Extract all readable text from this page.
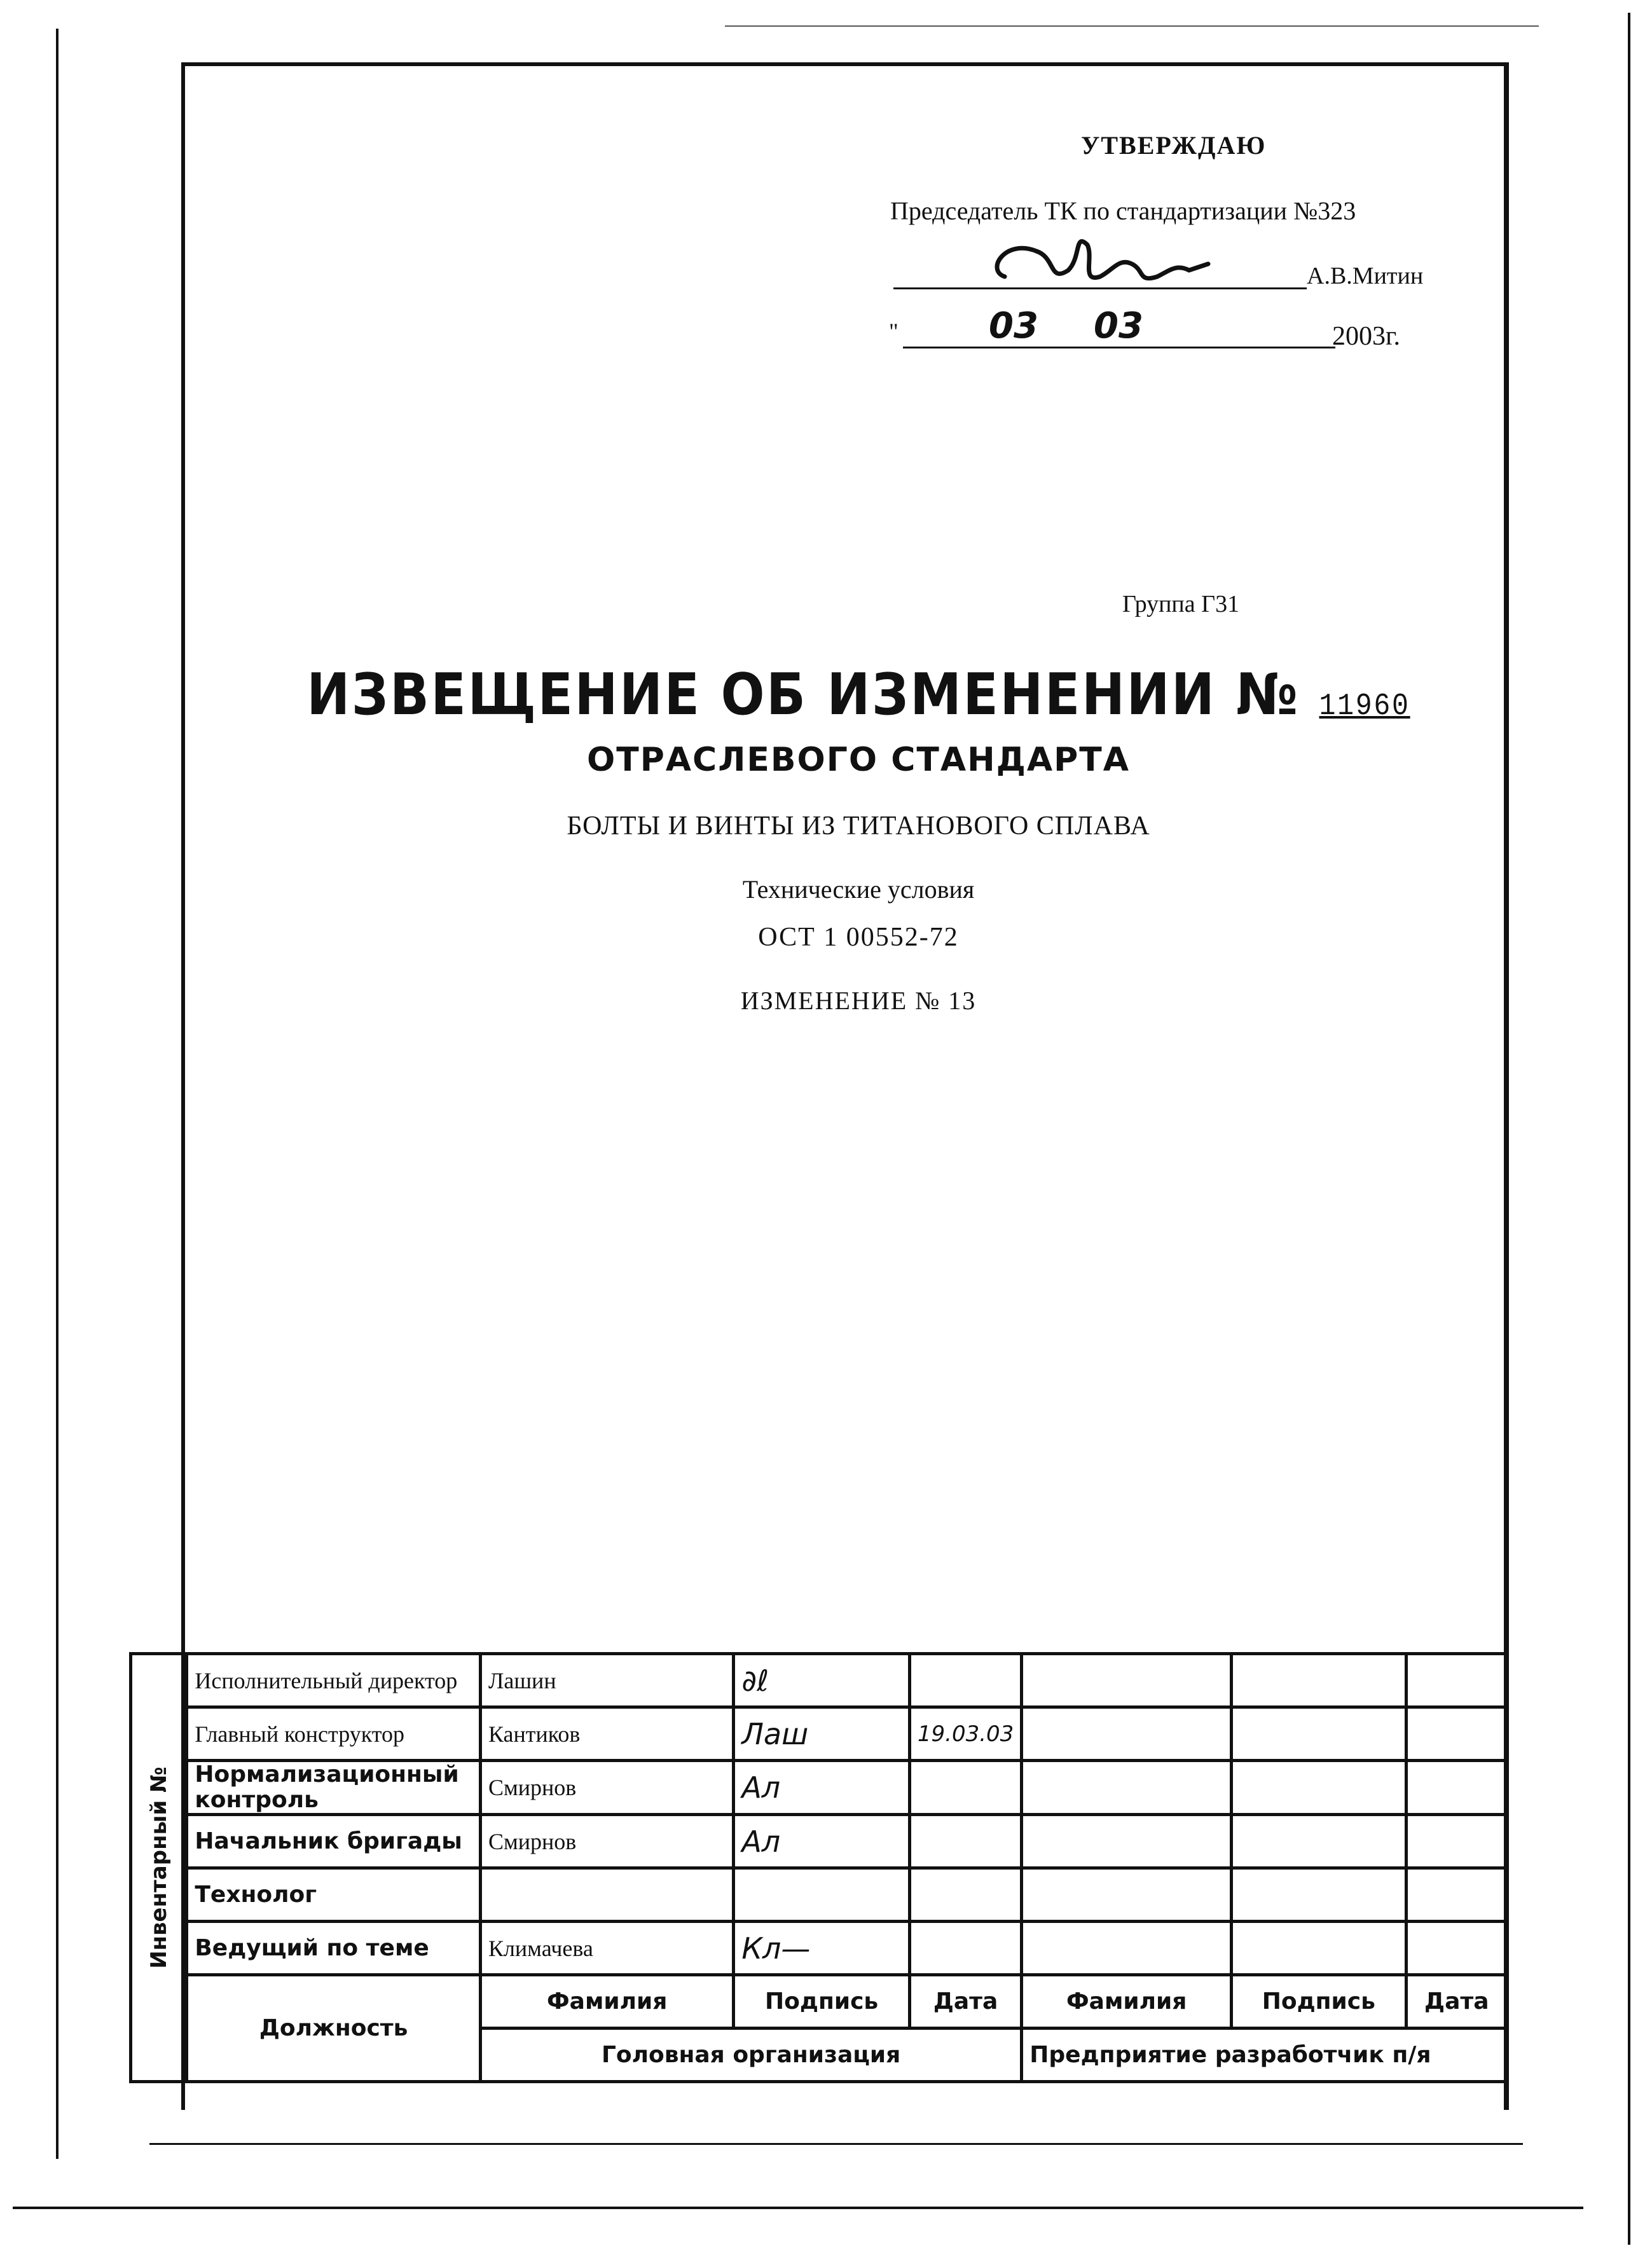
УТВЕРЖДАЮ
Председатель ТК по стандартизации №323
А.В.Митин
"	03 03	2003г.
Группа Г31
ИЗВЕЩЕНИЕ ОБ ИЗМЕНЕНИИ № 11960
ОТРАСЛЕВОГО СТАНДАРТА
БОЛТЫ И ВИНТЫ ИЗ ТИТАНОВОГО СПЛАВА
Технические условия
ОСТ 1 00552-72
ИЗМЕНЕНИЕ № 13
Инвентарный №	Исполнительный директор	Лашин	∂ℓ				
	Главный конструктор	Кантиков	Лаш	19.03.03			
	Нормализационный контроль	Смирнов	Ал				
	Начальник бригады	Смирнов	Ал				
	Технолог						
	Ведущий по теме	Климачева	Кл—				
	Должность	Фамилия	Подпись	Дата	Фамилия	Подпись	Дата
		Головная организация			Предприятие разработчик п/я		
